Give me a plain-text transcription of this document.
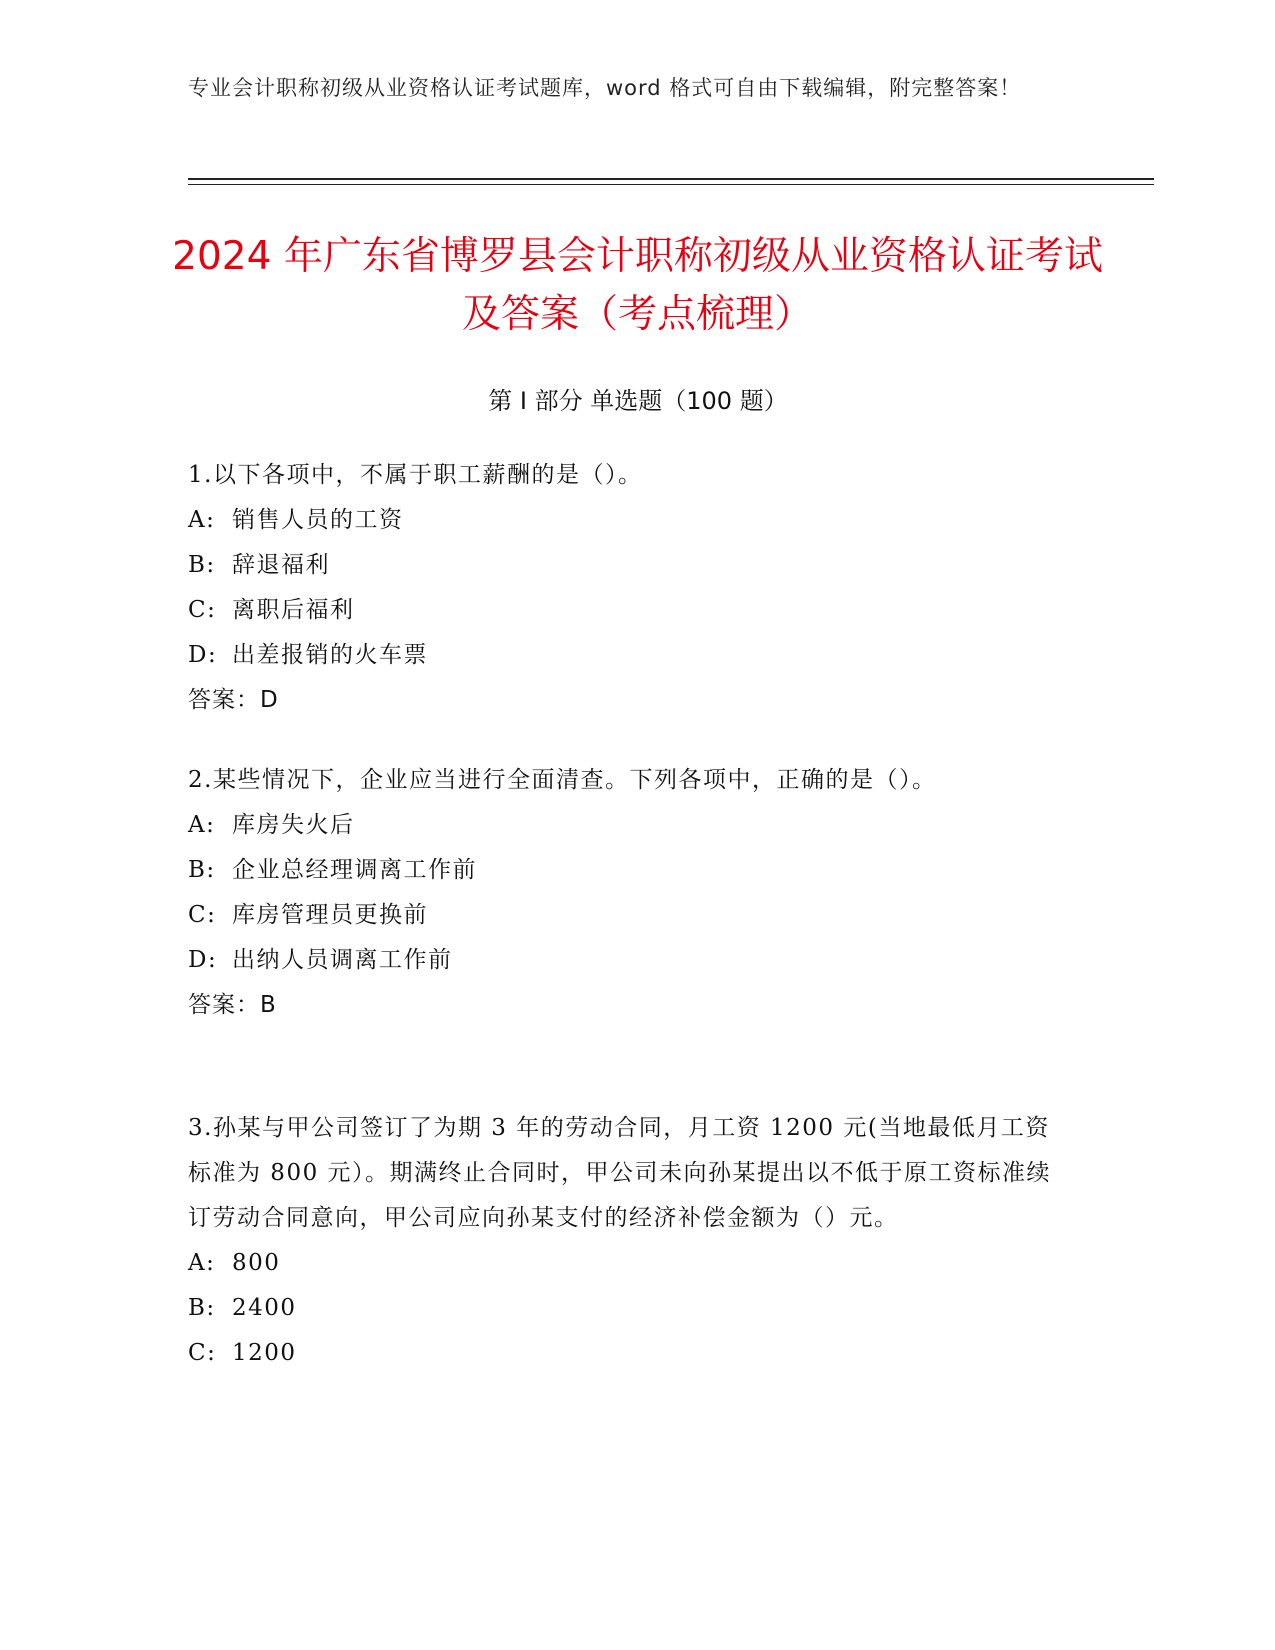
专业会计职称初级从业资格认证考试题库，word 格式可自由下载编辑，附完整答案！
2024 年广东省博罗县会计职称初级从业资格认证考试及答案（考点梳理）
第 I 部分 单选题（100 题）
1.以下各项中，不属于职工薪酬的是（）。
A: 销售人员的工资
B: 辞退福利
C: 离职后福利
D: 出差报销的火车票
答案：D
2.某些情况下，企业应当进行全面清查。下列各项中，正确的是（）。
A: 库房失火后
B: 企业总经理调离工作前
C: 库房管理员更换前
D: 出纳人员调离工作前
答案：B
3.孙某与甲公司签订了为期 3 年的劳动合同，月工资 1200 元(当地最低月工资标准为 800 元）。期满终止合同时，甲公司未向孙某提出以不低于原工资标准续订劳动合同意向，甲公司应向孙某支付的经济补偿金额为（）元。
A: 800
B: 2400
C: 1200
